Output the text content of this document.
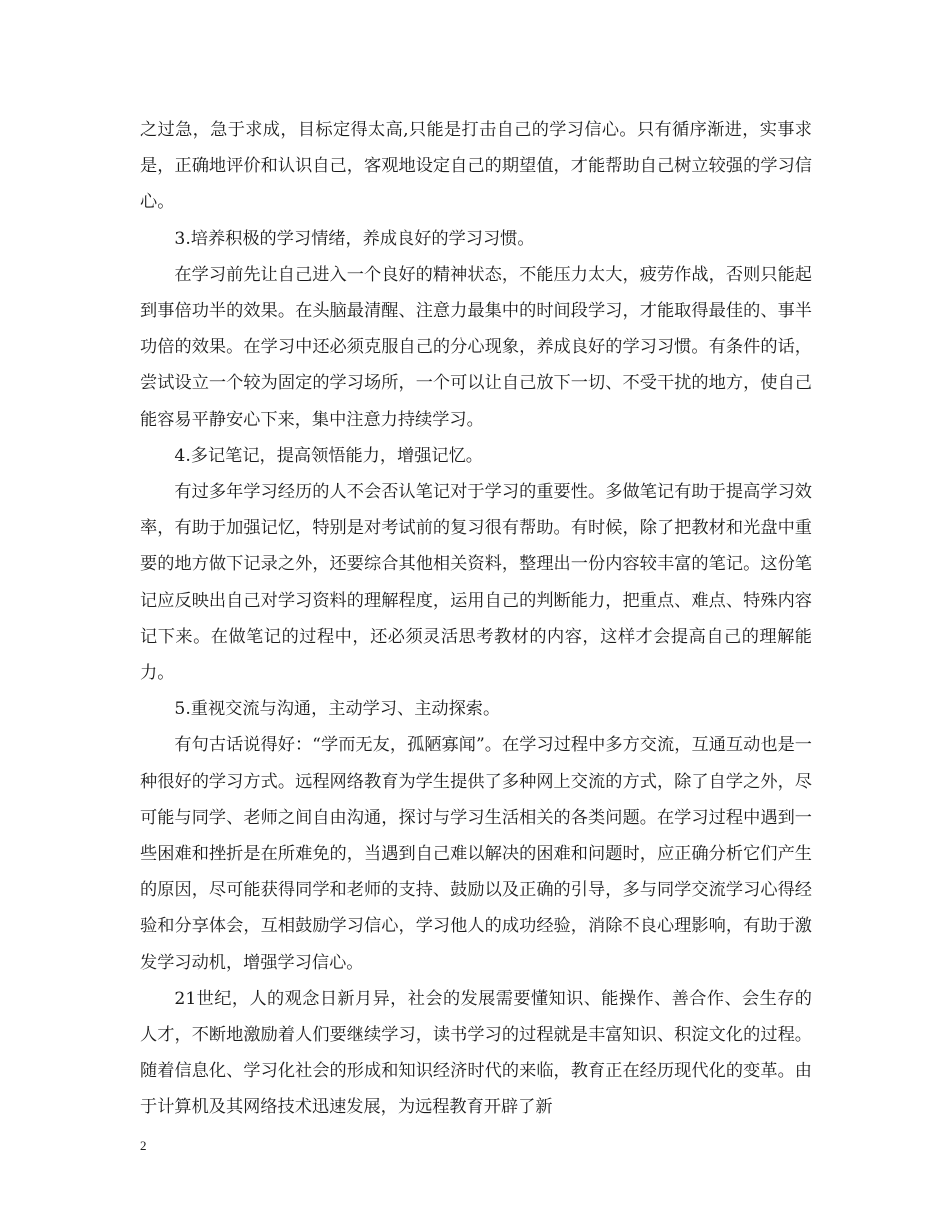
之过急，急于求成，目标定得太高,只能是打击自己的学习信心。只有循序渐进，实事求是，正确地评价和认识自己，客观地设定自己的期望值，才能帮助自己树立较强的学习信心。

3.培养积极的学习情绪，养成良好的学习习惯。

在学习前先让自己进入一个良好的精神状态，不能压力太大，疲劳作战，否则只能起到事倍功半的效果。在头脑最清醒、注意力最集中的时间段学习，才能取得最佳的、事半功倍的效果。在学习中还必须克服自己的分心现象，养成良好的学习习惯。有条件的话，尝试设立一个较为固定的学习场所，一个可以让自己放下一切、不受干扰的地方，使自己能容易平静安心下来，集中注意力持续学习。

4.多记笔记，提高领悟能力，增强记忆。

有过多年学习经历的人不会否认笔记对于学习的重要性。多做笔记有助于提高学习效率，有助于加强记忆，特别是对考试前的复习很有帮助。有时候，除了把教材和光盘中重要的地方做下记录之外，还要综合其他相关资料，整理出一份内容较丰富的笔记。这份笔记应反映出自己对学习资料的理解程度，运用自己的判断能力，把重点、难点、特殊内容记下来。在做笔记的过程中，还必须灵活思考教材的内容，这样才会提高自己的理解能力。

5.重视交流与沟通，主动学习、主动探索。

有句古话说得好：“学而无友，孤陋寡闻”。在学习过程中多方交流，互通互动也是一种很好的学习方式。远程网络教育为学生提供了多种网上交流的方式，除了自学之外，尽可能与同学、老师之间自由沟通，探讨与学习生活相关的各类问题。在学习过程中遇到一些困难和挫折是在所难免的，当遇到自己难以解决的困难和问题时，应正确分析它们产生的原因，尽可能获得同学和老师的支持、鼓励以及正确的引导，多与同学交流学习心得经验和分享体会，互相鼓励学习信心，学习他人的成功经验，消除不良心理影响，有助于激发学习动机，增强学习信心。

21世纪，人的观念日新月异，社会的发展需要懂知识、能操作、善合作、会生存的人才，不断地激励着人们要继续学习，读书学习的过程就是丰富知识、积淀文化的过程。随着信息化、学习化社会的形成和知识经济时代的来临，教育正在经历现代化的变革。由于计算机及其网络技术迅速发展，为远程教育开辟了新

2
